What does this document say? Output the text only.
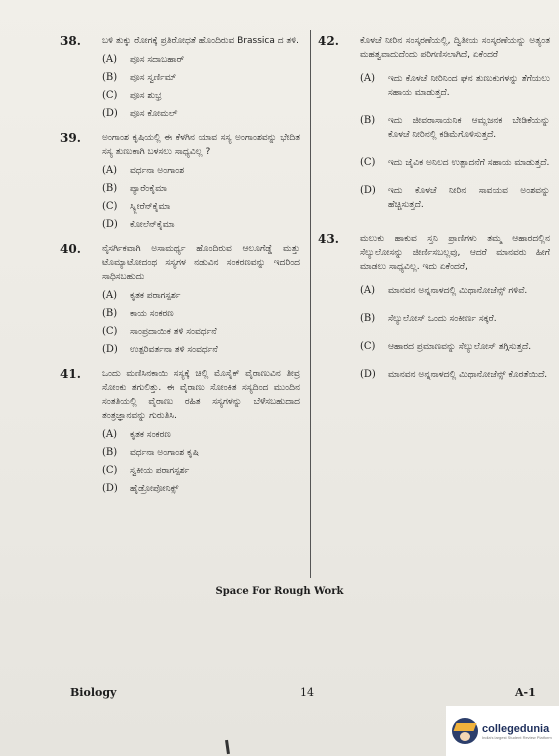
38. ಬಳಿ ತುಕ್ಕು ರೋಗಕ್ಕೆ ಪ್ರತಿರೋಧತೆ ಹೊಂದಿರುವ Brassica ದ ತಳಿ.
(A) ಪೂಸ ಸದಾಬಹಾರ್
(B) ಪೂಸ ಸ್ವರ್ಣಿಮ್
(C) ಪೂಸ ಶುಭ್ರ
(D) ಪೂಸ ಕೋಮಲ್
39. ಅಂಗಾಂಶ ಕೃಷಿಯಲ್ಲಿ ಈ ಕೆಳಗಿನ ಯಾವ ಸಸ್ಯ ಅಂಗಾಂಶವನ್ನು ಭೇದಿತ ಸಸ್ಯ ತುಣುಕಾಗಿ ಬಳಸಲು ಸಾಧ್ಯವಿಲ್ಲ ?
(A) ವರ್ಧನಾ ಅಂಗಾಂಶ
(B) ಪ್ಯಾರೆಂಕೈಮಾ
(C) ಸ್ಕ್ಲೀರೆನ್‌ಕೈಮಾ
(D) ಕೋಲೆನ್‌ಕೈಮಾ
40. ನೈಸರ್ಗಿಕವಾಗಿ ಅಸಾಮರ್ಥ್ಯ ಹೊಂದಿರುವ ಆಲೂಗೆಡ್ಡೆ ಮತ್ತು ಟೊಮ್ಯಾಟೋದಂಥ ಸಸ್ಯಗಳ ನಡುವಿನ ಸಂಕರಣವನ್ನು ಇದರಿಂದ ಸಾಧಿಸಬಹುದು
(A) ಕೃತಕ ಪರಾಗಸ್ಪರ್ಶ
(B) ಕಾಯ ಸಂಕರಣ
(C) ಸಾಂಪ್ರದಾಯಿಕ ತಳಿ ಸಂವರ್ಧನೆ
(D) ಉತ್ಪರಿವರ್ತನಾ ತಳಿ ಸಂವರ್ಧನೆ
41. ಒಂದು ಮಣಿಸಿನಕಾಯಿ ಸಸ್ಯಕ್ಕೆ ಚಿಲ್ಲಿ ಮೊಸೈಕ್ ವೈರಾಣುವಿನ ತೀವ್ರ ಸೋಂಕು ತಗುಲಿತ್ತು. ಈ ವೈರಾಣು ಸೋಂಕಿತ ಸಸ್ಯದಿಂದ ಮುಂದಿನ ಸಂತತಿಯಲ್ಲಿ ವೈರಾಣು ರಹಿತ ಸಸ್ಯಗಳನ್ನು ಬೆಳೆಸಬಹುದಾದ ತಂತ್ರಜ್ಞಾನವನ್ನು ಗುರುತಿಸಿ.
(A) ಕೃತಕ ಸಂಕರಣ
(B) ವರ್ಧನಾ ಅಂಗಾಂಶ ಕೃಷಿ
(C) ಸ್ವಕೀಯ ಪರಾಗಸ್ಪರ್ಶ
(D) ಹೈಡ್ರೋಪೋನಿಕ್ಸ್
42. ಕೊಳಚೆ ನೀರಿನ ಸಂಸ್ಕರಣೆಯಲ್ಲಿ, ದ್ವಿತೀಯ ಸಂಸ್ಕರಣೆಯನ್ನು ಅತ್ಯಂತ ಮಹತ್ವವಾದುದೆಂದು ಪರಿಗಣಿಸಲಾಗಿದೆ, ಏಕೆಂದರೆ
(A) ಇದು ಕೊಳಚೆ ನೀರಿನಿಂದ ಘನ ತುಣುಕುಗಳನ್ನು ತೆಗೆಯಲು ಸಹಾಯ ಮಾಡುತ್ತದೆ.
(B) ಇದು ಜೀವರಾಸಾಯನಿಕ ಆಮ್ಲಜನಕ ಬೇಡಿಕೆಯನ್ನು ಕೊಳಚೆ ನೀರಿನಲ್ಲಿ ಕಡಿಮೆಗೊಳಿಸುತ್ತದೆ.
(C) ಇದು ಜೈವಿಕ ಅನಿಲದ ಉತ್ಪಾದನೆಗೆ ಸಹಾಯ ಮಾಡುತ್ತದೆ.
(D) ಇದು ಕೊಳಚೆ ನೀರಿನ ಸಾವಯವ ಅಂಶವನ್ನು ಹೆಚ್ಚಿಸುತ್ತದೆ.
43. ಮಲುಕು ಹಾಕುವ ಸ್ತನಿ ಪ್ರಾಣಿಗಳು ತಮ್ಮ ಆಹಾರದಲ್ಲಿನ ಸೆಲ್ಯುಲೋಸನ್ನು ಜೀರ್ಣಿಸಬಲ್ಲವು, ಆದರೆ ಮಾನವರು ಹೀಗೆ ಮಾಡಲು ಸಾಧ್ಯವಿಲ್ಲ. ಇದು ಏಕೆಂದರೆ,
(A) ಮಾನವನ ಅನ್ನನಾಳದಲ್ಲಿ ಮಿಥಾನೋಜೆನ್ಸ್ ಗಳಿವೆ.
(B) ಸೆಲ್ಯುಲೋಸ್ ಒಂದು ಸಂಕೀರ್ಣ ಸಕ್ಕರೆ.
(C) ಆಹಾರದ ಪ್ರಮಾಣವನ್ನು ಸೆಲ್ಯುಲೋಸ್ ತಗ್ಗಿಸುತ್ತದೆ.
(D) ಮಾನವನ ಅನ್ನನಾಳದಲ್ಲಿ ಮಿಥಾನೋಜೆನ್ಸ್ ಕೊರತೆಯಿದೆ.
Space For Rough Work
Biology	14	A-1
collegedunia
India's largest Student Review Platform
